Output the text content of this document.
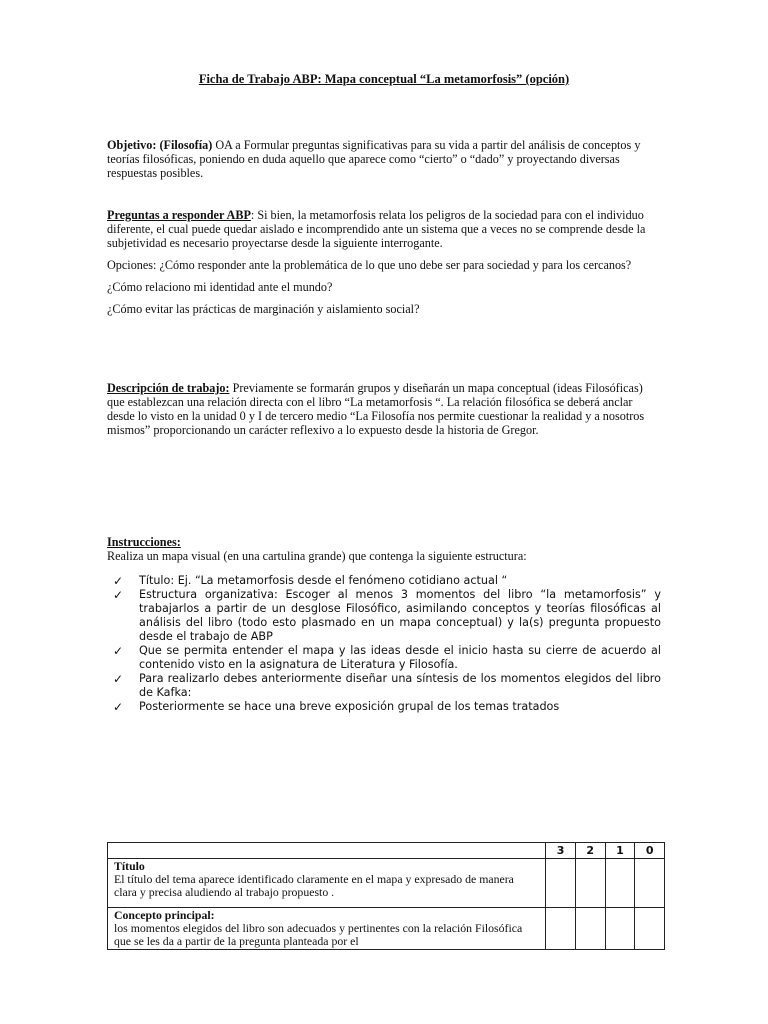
Ficha de Trabajo ABP: Mapa conceptual “La metamorfosis” (opción)

Objetivo: (Filosofía) OA a Formular preguntas significativas para su vida a partir del análisis de conceptos y teorías filosóficas, poniendo en duda aquello que aparece como “cierto” o “dado” y proyectando diversas respuestas posibles.

Preguntas a responder ABP: Si bien, la metamorfosis relata los peligros de la sociedad para con el individuo diferente, el cual puede quedar aislado e incomprendido ante un sistema que a veces no se comprende desde la subjetividad es necesario proyectarse desde la siguiente interrogante.

Opciones: ¿Cómo responder ante la problemática de lo que uno debe ser para sociedad y para los cercanos?

¿Cómo relaciono mi identidad ante el mundo?

¿Cómo evitar las prácticas de marginación y aislamiento social?

Descripción de trabajo: Previamente se formarán grupos y diseñarán un mapa conceptual (ideas Filosóficas) que establezcan una relación directa con el libro “La metamorfosis “. La relación filosófica se deberá anclar desde lo visto en la unidad 0 y I de tercero medio “La Filosofía nos permite cuestionar la realidad y a nosotros mismos” proporcionando un carácter reflexivo a lo expuesto desde la historia de Gregor.

Instrucciones:

Realiza un mapa visual (en una cartulina grande) que contenga la siguiente estructura:

✓ Título: Ej. “La metamorfosis desde el fenómeno cotidiano actual “
✓ Estructura organizativa: Escoger al menos 3 momentos del libro “la metamorfosis” y trabajarlos a partir de un desglose Filosófico, asimilando conceptos y teorías filosóficas al análisis del libro (todo esto plasmado en un mapa conceptual) y la(s) pregunta propuesto desde el trabajo de ABP
✓ Que se permita entender el mapa y las ideas desde el inicio hasta su cierre de acuerdo al contenido visto en la asignatura de Literatura y Filosofía.
✓ Para realizarlo debes anteriormente diseñar una síntesis de los momentos elegidos del libro de Kafka:
✓ Posteriormente se hace una breve exposición grupal de los temas tratados
	3	2	1	0

Título
El título del tema aparece identificado claramente en el mapa y expresado de manera clara y precisa aludiendo al trabajo propuesto .				

Concepto principal:
los momentos elegidos del libro son adecuados y pertinentes con la relación Filosófica que se les da a partir de la pregunta planteada por el				
